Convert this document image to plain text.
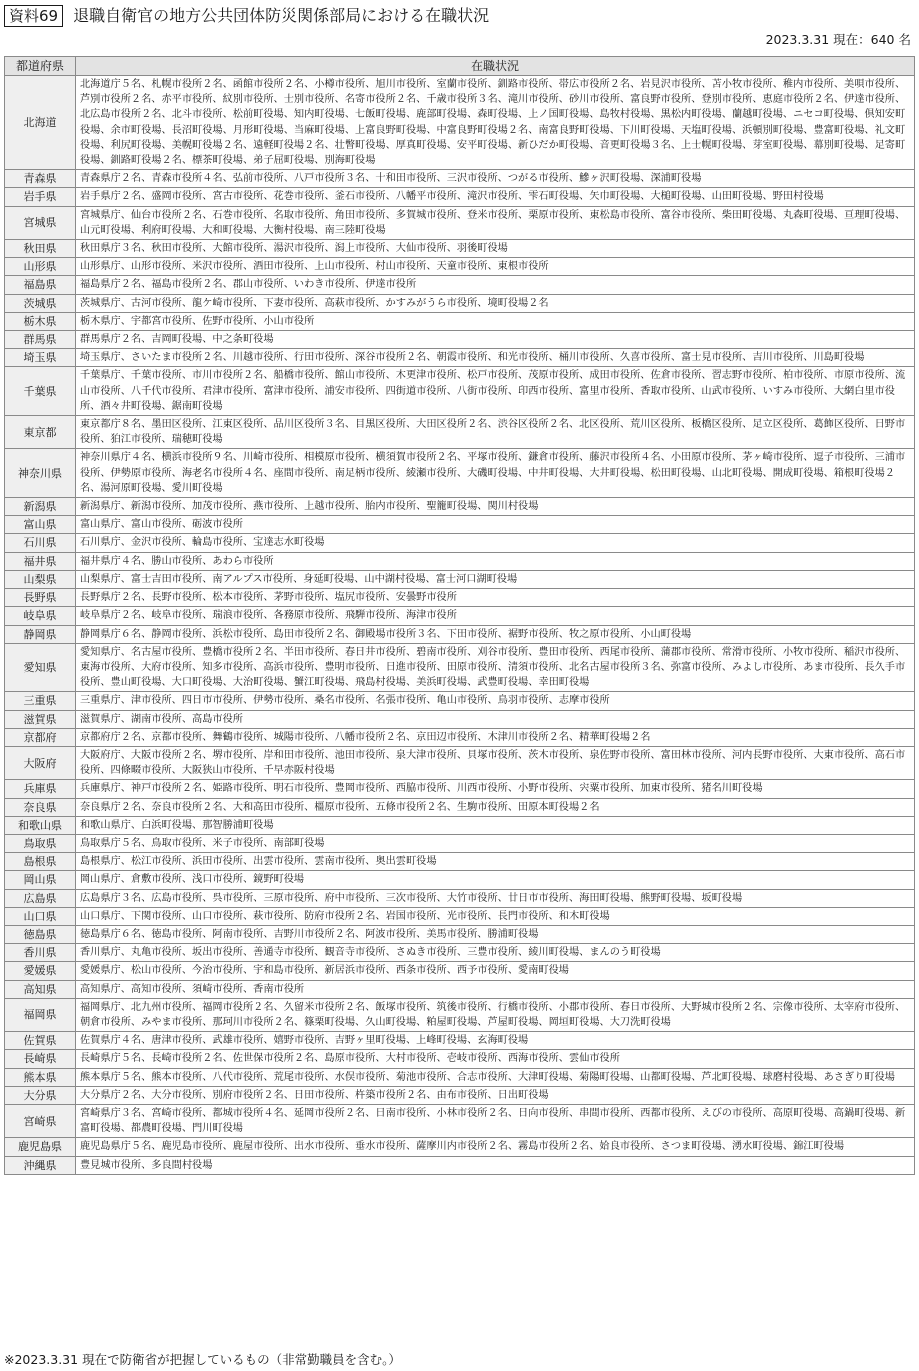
資料69 退職自衛官の地方公共団体防災関係部局における在職状況
2023.3.31 現在：640 名
都道府県	在職状況
北海道	北海道庁５名、札幌市役所２名、函館市役所２名、小樽市役所、旭川市役所、室蘭市役所、釧路市役所、帯広市役所２名、岩見沢市役所、苫小牧市役所、稚内市役所、美唄市役所、芦別市役所２名、赤平市役所、紋別市役所、士別市役所、名寄市役所２名、千歳市役所３名、滝川市役所、砂川市役所、富良野市役所、登別市役所、恵庭市役所２名、伊達市役所、北広島市役所２名、北斗市役所、松前町役場、知内町役場、七飯町役場、鹿部町役場、森町役場、上ノ国町役場、島牧村役場、黒松内町役場、蘭越町役場、ニセコ町役場、倶知安町役場、余市町役場、長沼町役場、月形町役場、当麻町役場、上富良野町役場、中富良野町役場２名、南富良野町役場、下川町役場、天塩町役場、浜頓別町役場、豊富町役場、礼文町役場、利尻町役場、美幌町役場２名、遠軽町役場２名、壮瞥町役場、厚真町役場、安平町役場、新ひだか町役場、音更町役場３名、上士幌町役場、芽室町役場、幕別町役場、足寄町役場、釧路町役場２名、標茶町役場、弟子屈町役場、別海町役場
青森県	青森県庁２名、青森市役所４名、弘前市役所、八戸市役所３名、十和田市役所、三沢市役所、つがる市役所、鰺ヶ沢町役場、深浦町役場
岩手県	岩手県庁２名、盛岡市役所、宮古市役所、花巻市役所、釜石市役所、八幡平市役所、滝沢市役所、雫石町役場、矢巾町役場、大槌町役場、山田町役場、野田村役場
宮城県	宮城県庁、仙台市役所２名、石巻市役所、名取市役所、角田市役所、多賀城市役所、登米市役所、栗原市役所、東松島市役所、富谷市役所、柴田町役場、丸森町役場、亘理町役場、山元町役場、利府町役場、大和町役場、大衡村役場、南三陸町役場
秋田県	秋田県庁３名、秋田市役所、大館市役所、湯沢市役所、潟上市役所、大仙市役所、羽後町役場
山形県	山形県庁、山形市役所、米沢市役所、酒田市役所、上山市役所、村山市役所、天童市役所、東根市役所
福島県	福島県庁２名、福島市役所２名、郡山市役所、いわき市役所、伊達市役所
茨城県	茨城県庁、古河市役所、龍ケ崎市役所、下妻市役所、高萩市役所、かすみがうら市役所、境町役場２名
栃木県	栃木県庁、宇都宮市役所、佐野市役所、小山市役所
群馬県	群馬県庁２名、吉岡町役場、中之条町役場
埼玉県	埼玉県庁、さいたま市役所２名、川越市役所、行田市役所、深谷市役所２名、朝霞市役所、和光市役所、桶川市役所、久喜市役所、富士見市役所、吉川市役所、川島町役場
千葉県	千葉県庁、千葉市役所、市川市役所２名、船橋市役所、館山市役所、木更津市役所、松戸市役所、茂原市役所、成田市役所、佐倉市役所、習志野市役所、柏市役所、市原市役所、流山市役所、八千代市役所、君津市役所、富津市役所、浦安市役所、四街道市役所、八街市役所、印西市役所、富里市役所、香取市役所、山武市役所、いすみ市役所、大網白里市役所、酒々井町役場、鋸南町役場
東京都	東京都庁８名、墨田区役所、江東区役所、品川区役所３名、目黒区役所、大田区役所２名、渋谷区役所２名、北区役所、荒川区役所、板橋区役所、足立区役所、葛飾区役所、日野市役所、狛江市役所、瑞穂町役場
神奈川県	神奈川県庁４名、横浜市役所９名、川崎市役所、相模原市役所、横須賀市役所２名、平塚市役所、鎌倉市役所、藤沢市役所４名、小田原市役所、茅ヶ崎市役所、逗子市役所、三浦市役所、伊勢原市役所、海老名市役所４名、座間市役所、南足柄市役所、綾瀬市役所、大磯町役場、中井町役場、大井町役場、松田町役場、山北町役場、開成町役場、箱根町役場２名、湯河原町役場、愛川町役場
新潟県	新潟県庁、新潟市役所、加茂市役所、燕市役所、上越市役所、胎内市役所、聖籠町役場、関川村役場
富山県	富山県庁、富山市役所、砺波市役所
石川県	石川県庁、金沢市役所、輪島市役所、宝達志水町役場
福井県	福井県庁４名、勝山市役所、あわら市役所
山梨県	山梨県庁、富士吉田市役所、南アルプス市役所、身延町役場、山中湖村役場、富士河口湖町役場
長野県	長野県庁２名、長野市役所、松本市役所、茅野市役所、塩尻市役所、安曇野市役所
岐阜県	岐阜県庁２名、岐阜市役所、瑞浪市役所、各務原市役所、飛騨市役所、海津市役所
静岡県	静岡県庁６名、静岡市役所、浜松市役所、島田市役所２名、御殿場市役所３名、下田市役所、裾野市役所、牧之原市役所、小山町役場
愛知県	愛知県庁、名古屋市役所、豊橋市役所２名、半田市役所、春日井市役所、碧南市役所、刈谷市役所、豊田市役所、西尾市役所、蒲郡市役所、常滑市役所、小牧市役所、稲沢市役所、東海市役所、大府市役所、知多市役所、高浜市役所、豊明市役所、日進市役所、田原市役所、清須市役所、北名古屋市役所３名、弥富市役所、みよし市役所、あま市役所、長久手市役所、豊山町役場、大口町役場、大治町役場、蟹江町役場、飛島村役場、美浜町役場、武豊町役場、幸田町役場
三重県	三重県庁、津市役所、四日市市役所、伊勢市役所、桑名市役所、名張市役所、亀山市役所、鳥羽市役所、志摩市役所
滋賀県	滋賀県庁、湖南市役所、高島市役所
京都府	京都府庁２名、京都市役所、舞鶴市役所、城陽市役所、八幡市役所２名、京田辺市役所、木津川市役所２名、精華町役場２名
大阪府	大阪府庁、大阪市役所２名、堺市役所、岸和田市役所、池田市役所、泉大津市役所、貝塚市役所、茨木市役所、泉佐野市役所、富田林市役所、河内長野市役所、大東市役所、高石市役所、四條畷市役所、大阪狭山市役所、千早赤阪村役場
兵庫県	兵庫県庁、神戸市役所２名、姫路市役所、明石市役所、豊岡市役所、西脇市役所、川西市役所、小野市役所、宍粟市役所、加東市役所、猪名川町役場
奈良県	奈良県庁２名、奈良市役所２名、大和高田市役所、橿原市役所、五條市役所２名、生駒市役所、田原本町役場２名
和歌山県	和歌山県庁、白浜町役場、那智勝浦町役場
鳥取県	鳥取県庁５名、鳥取市役所、米子市役所、南部町役場
島根県	島根県庁、松江市役所、浜田市役所、出雲市役所、雲南市役所、奥出雲町役場
岡山県	岡山県庁、倉敷市役所、浅口市役所、鏡野町役場
広島県	広島県庁３名、広島市役所、呉市役所、三原市役所、府中市役所、三次市役所、大竹市役所、廿日市市役所、海田町役場、熊野町役場、坂町役場
山口県	山口県庁、下関市役所、山口市役所、萩市役所、防府市役所２名、岩国市役所、光市役所、長門市役所、和木町役場
徳島県	徳島県庁６名、徳島市役所、阿南市役所、吉野川市役所２名、阿波市役所、美馬市役所、勝浦町役場
香川県	香川県庁、丸亀市役所、坂出市役所、善通寺市役所、観音寺市役所、さぬき市役所、三豊市役所、綾川町役場、まんのう町役場
愛媛県	愛媛県庁、松山市役所、今治市役所、宇和島市役所、新居浜市役所、西条市役所、西予市役所、愛南町役場
高知県	高知県庁、高知市役所、須崎市役所、香南市役所
福岡県	福岡県庁、北九州市役所、福岡市役所２名、久留米市役所２名、飯塚市役所、筑後市役所、行橋市役所、小郡市役所、春日市役所、大野城市役所２名、宗像市役所、太宰府市役所、朝倉市役所、みやま市役所、那珂川市役所２名、篠栗町役場、久山町役場、粕屋町役場、芦屋町役場、岡垣町役場、大刀洗町役場
佐賀県	佐賀県庁４名、唐津市役所、武雄市役所、嬉野市役所、吉野ヶ里町役場、上峰町役場、玄海町役場
長崎県	長崎県庁５名、長崎市役所２名、佐世保市役所２名、島原市役所、大村市役所、壱岐市役所、西海市役所、雲仙市役所
熊本県	熊本県庁５名、熊本市役所、八代市役所、荒尾市役所、水俣市役所、菊池市役所、合志市役所、大津町役場、菊陽町役場、山都町役場、芦北町役場、球磨村役場、あさぎり町役場
大分県	大分県庁２名、大分市役所、別府市役所２名、日田市役所、杵築市役所２名、由布市役所、日出町役場
宮崎県	宮崎県庁３名、宮崎市役所、都城市役所４名、延岡市役所２名、日南市役所、小林市役所２名、日向市役所、串間市役所、西都市役所、えびの市役所、高原町役場、高鍋町役場、新富町役場、都農町役場、門川町役場
鹿児島県	鹿児島県庁５名、鹿児島市役所、鹿屋市役所、出水市役所、垂水市役所、薩摩川内市役所２名、霧島市役所２名、姶良市役所、さつま町役場、湧水町役場、錦江町役場
沖縄県	豊見城市役所、多良間村役場
※2023.3.31 現在で防衛省が把握しているもの（非常勤職員を含む。）
